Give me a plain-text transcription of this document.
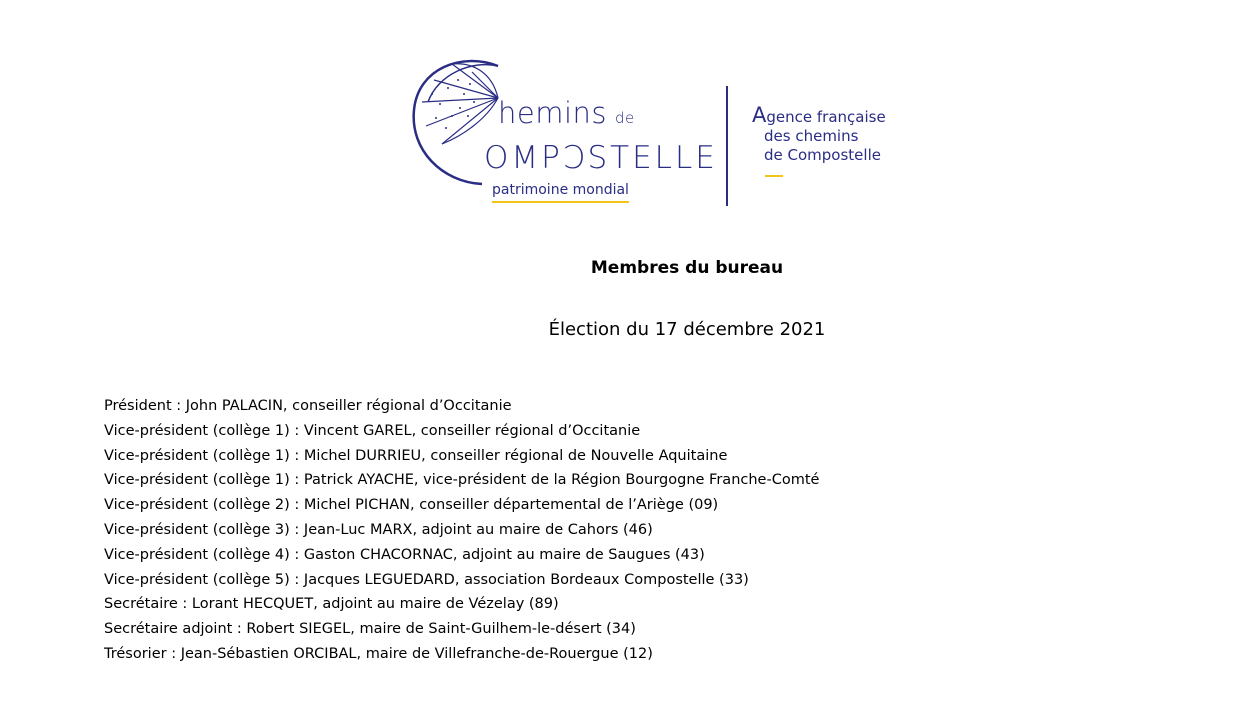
hemins de
OMPↃSTELLE
patrimoine mondial
Agence française
des chemins
de Compostelle
Membres du bureau
Élection du 17 décembre 2021
Président : John PALACIN, conseiller régional d’Occitanie
Vice-président (collège 1) : Vincent GAREL, conseiller régional d’Occitanie
Vice-président (collège 1) : Michel DURRIEU, conseiller régional de Nouvelle Aquitaine
Vice-président (collège 1) : Patrick AYACHE, vice-président de la Région Bourgogne Franche-Comté
Vice-président (collège 2) : Michel PICHAN, conseiller départemental de l’Ariège (09)
Vice-président (collège 3) : Jean-Luc MARX, adjoint au maire de Cahors (46)
Vice-président (collège 4) : Gaston CHACORNAC, adjoint au maire de Saugues (43)
Vice-président (collège 5) : Jacques LEGUEDARD, association Bordeaux Compostelle (33)
Secrétaire : Lorant HECQUET, adjoint au maire de Vézelay (89)
Secrétaire adjoint : Robert SIEGEL, maire de Saint-Guilhem-le-désert (34)
Trésorier : Jean-Sébastien ORCIBAL, maire de Villefranche-de-Rouergue (12)
